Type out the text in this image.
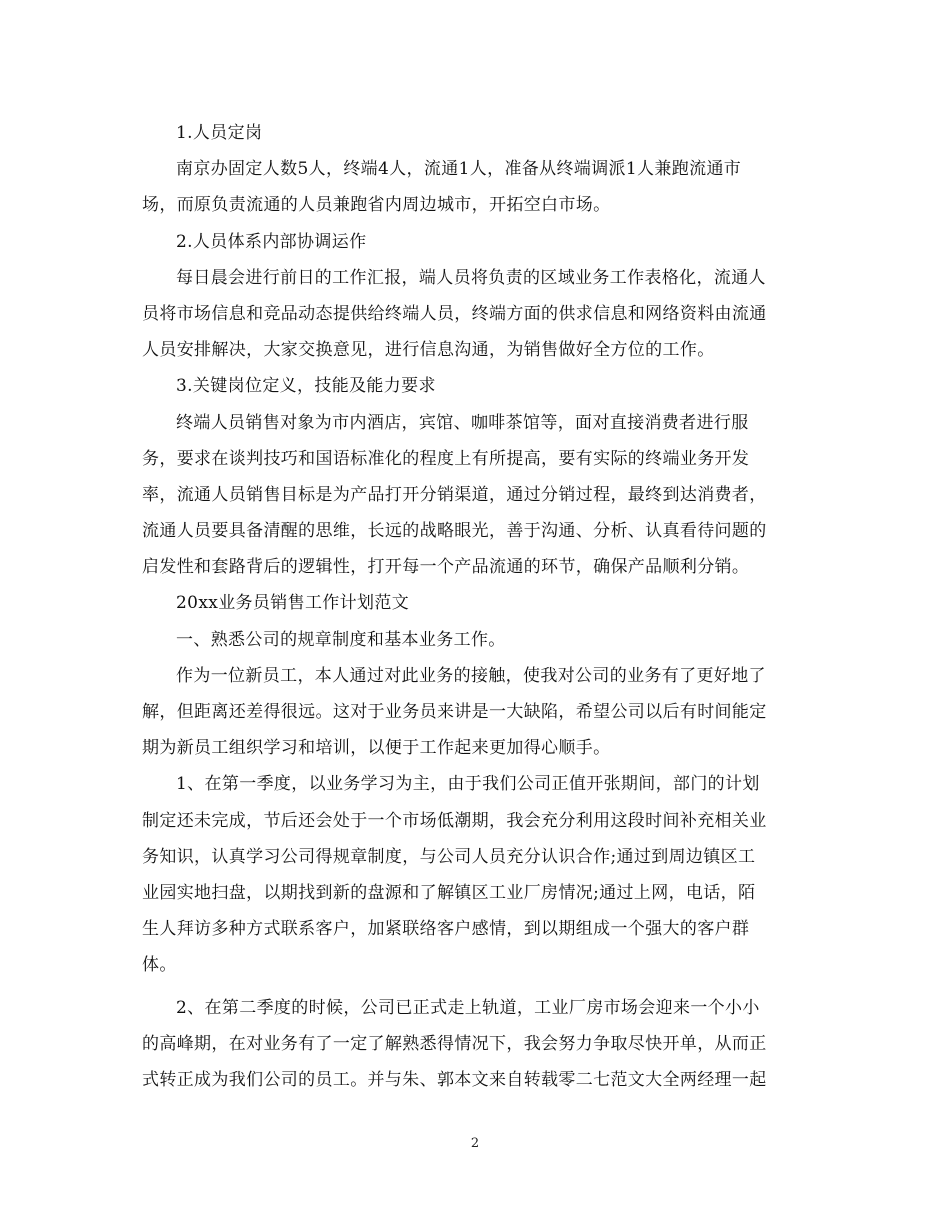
1.人员定岗
南京办固定人数5人，终端4人，流通1人，准备从终端调派1人兼跑流通市
场，而原负责流通的人员兼跑省内周边城市，开拓空白市场。
2.人员体系内部协调运作
每日晨会进行前日的工作汇报，端人员将负责的区域业务工作表格化，流通人
员将市场信息和竞品动态提供给终端人员，终端方面的供求信息和网络资料由流通
人员安排解决，大家交换意见，进行信息沟通，为销售做好全方位的工作。
3.关键岗位定义，技能及能力要求
终端人员销售对象为市内酒店，宾馆、咖啡茶馆等，面对直接消费者进行服
务，要求在谈判技巧和国语标准化的程度上有所提高，要有实际的终端业务开发
率，流通人员销售目标是为产品打开分销渠道，通过分销过程，最终到达消费者，
流通人员要具备清醒的思维，长远的战略眼光，善于沟通、分析、认真看待问题的
启发性和套路背后的逻辑性，打开每一个产品流通的环节，确保产品顺利分销。
20xx业务员销售工作计划范文
一、熟悉公司的规章制度和基本业务工作。
作为一位新员工，本人通过对此业务的接触，使我对公司的业务有了更好地了
解，但距离还差得很远。这对于业务员来讲是一大缺陷，希望公司以后有时间能定
期为新员工组织学习和培训，以便于工作起来更加得心顺手。
1、在第一季度，以业务学习为主，由于我们公司正值开张期间，部门的计划
制定还未完成，节后还会处于一个市场低潮期，我会充分利用这段时间补充相关业
务知识，认真学习公司得规章制度，与公司人员充分认识合作;通过到周边镇区工
业园实地扫盘，以期找到新的盘源和了解镇区工业厂房情况;通过上网，电话，陌
生人拜访多种方式联系客户，加紧联络客户感情，到以期组成一个强大的客户群
体。
2、在第二季度的时候，公司已正式走上轨道，工业厂房市场会迎来一个小小
的高峰期，在对业务有了一定了解熟悉得情况下，我会努力争取尽快开单，从而正
式转正成为我们公司的员工。并与朱、郭本文来自转载零二七范文大全两经理一起
2
